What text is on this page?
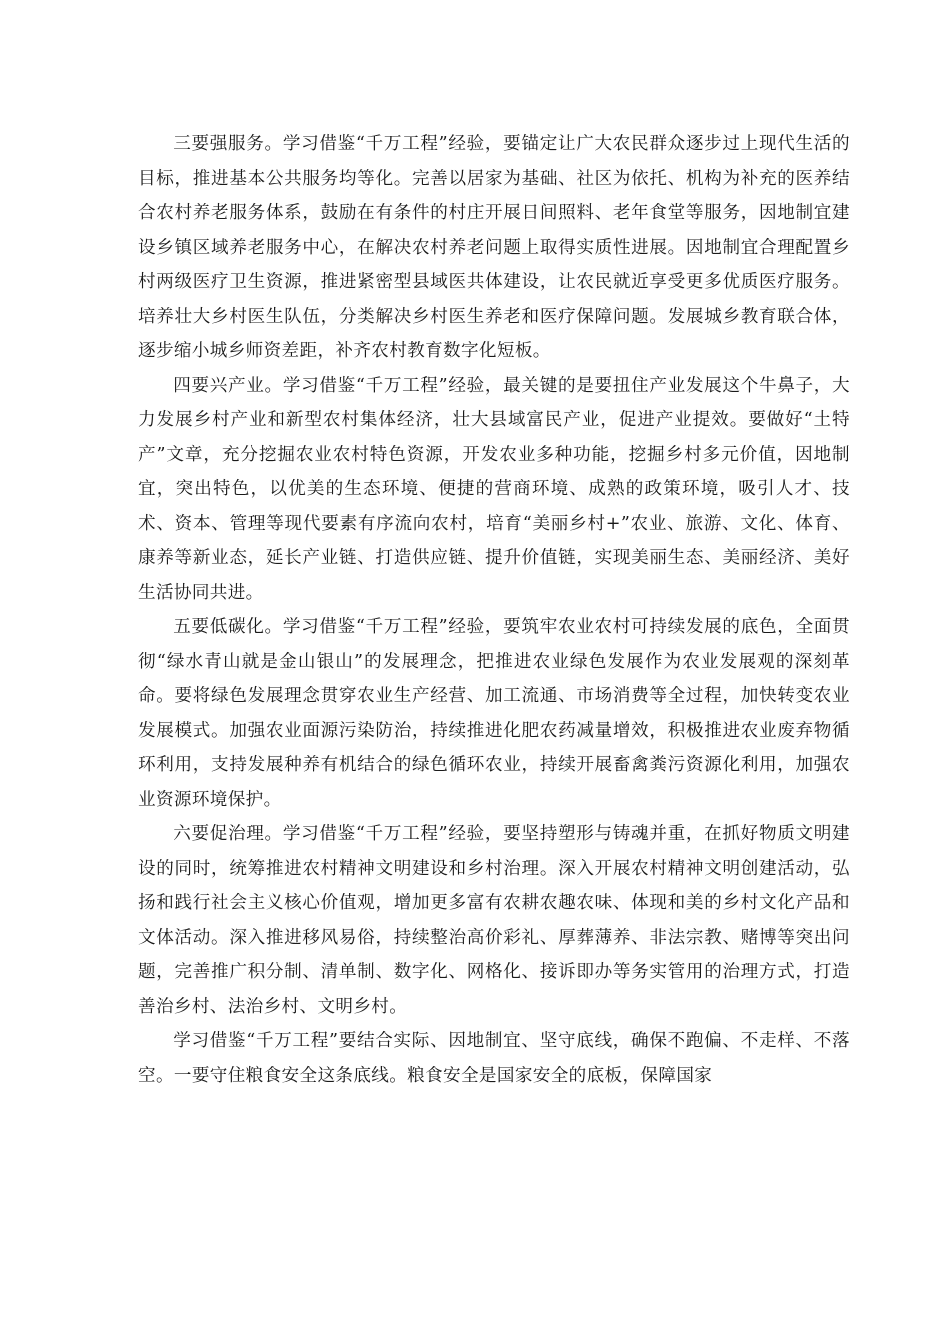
三要强服务。学习借鉴“千万工程”经验，要锚定让广大农民群众逐步过上现代生活的目标，推进基本公共服务均等化。完善以居家为基础、社区为依托、机构为补充的医养结合农村养老服务体系，鼓励在有条件的村庄开展日间照料、老年食堂等服务，因地制宜建设乡镇区域养老服务中心，在解决农村养老问题上取得实质性进展。因地制宜合理配置乡村两级医疗卫生资源，推进紧密型县域医共体建设，让农民就近享受更多优质医疗服务。培养壮大乡村医生队伍，分类解决乡村医生养老和医疗保障问题。发展城乡教育联合体，逐步缩小城乡师资差距，补齐农村教育数字化短板。

四要兴产业。学习借鉴“千万工程”经验，最关键的是要扭住产业发展这个牛鼻子，大力发展乡村产业和新型农村集体经济，壮大县域富民产业，促进产业提效。要做好“土特产”文章，充分挖掘农业农村特色资源，开发农业多种功能，挖掘乡村多元价值，因地制宜，突出特色，以优美的生态环境、便捷的营商环境、成熟的政策环境，吸引人才、技术、资本、管理等现代要素有序流向农村，培育“美丽乡村+”农业、旅游、文化、体育、康养等新业态，延长产业链、打造供应链、提升价值链，实现美丽生态、美丽经济、美好生活协同共进。

五要低碳化。学习借鉴“千万工程”经验，要筑牢农业农村可持续发展的底色，全面贯彻“绿水青山就是金山银山”的发展理念，把推进农业绿色发展作为农业发展观的深刻革命。要将绿色发展理念贯穿农业生产经营、加工流通、市场消费等全过程，加快转变农业发展模式。加强农业面源污染防治，持续推进化肥农药减量增效，积极推进农业废弃物循环利用，支持发展种养有机结合的绿色循环农业，持续开展畜禽粪污资源化利用，加强农业资源环境保护。

六要促治理。学习借鉴“千万工程”经验，要坚持塑形与铸魂并重，在抓好物质文明建设的同时，统筹推进农村精神文明建设和乡村治理。深入开展农村精神文明创建活动，弘扬和践行社会主义核心价值观，增加更多富有农耕农趣农味、体现和美的乡村文化产品和文体活动。深入推进移风易俗，持续整治高价彩礼、厚葬薄养、非法宗教、赌博等突出问题，完善推广积分制、清单制、数字化、网格化、接诉即办等务实管用的治理方式，打造善治乡村、法治乡村、文明乡村。

学习借鉴“千万工程”要结合实际、因地制宜、坚守底线，确保不跑偏、不走样、不落空。一要守住粮食安全这条底线。粮食安全是国家安全的底板，保障国家
